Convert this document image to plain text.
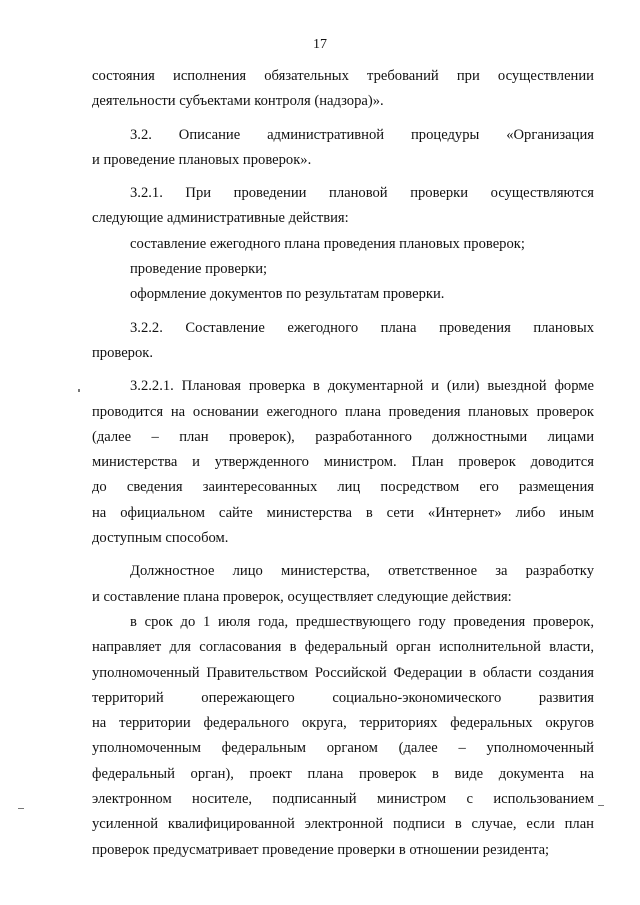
17
состояния исполнения обязательных требований при осуществлении
деятельности субъектами контроля (надзора)».
3.2. Описание административной процедуры «Организация
и проведение плановых проверок».
3.2.1. При проведении плановой проверки осуществляются
следующие административные действия:
составление ежегодного плана проведения плановых проверок;
проведение проверки;
оформление документов по результатам проверки.
3.2.2. Составление ежегодного плана проведения плановых
проверок.
3.2.2.1. Плановая проверка в документарной и (или) выездной форме
проводится на основании ежегодного плана проведения плановых проверок
(далее – план проверок), разработанного должностными лицами
министерства и утвержденного министром. План проверок доводится
до сведения заинтересованных лиц посредством его размещения
на официальном сайте министерства в сети «Интернет» либо иным
доступным способом.
Должностное лицо министерства, ответственное за разработку
и составление плана проверок, осуществляет следующие действия:
в срок до 1 июля года, предшествующего году проведения проверок,
направляет для согласования в федеральный орган исполнительной власти,
уполномоченный Правительством Российской Федерации в области создания
территорий опережающего социально-экономического развития
на территории федерального округа, территориях федеральных округов
уполномоченным федеральным органом (далее – уполномоченный
федеральный орган), проект плана проверок в виде документа на
электронном носителе, подписанный министром с использованием
усиленной квалифицированной электронной подписи в случае, если план
проверок предусматривает проведение проверки в отношении резидента;
